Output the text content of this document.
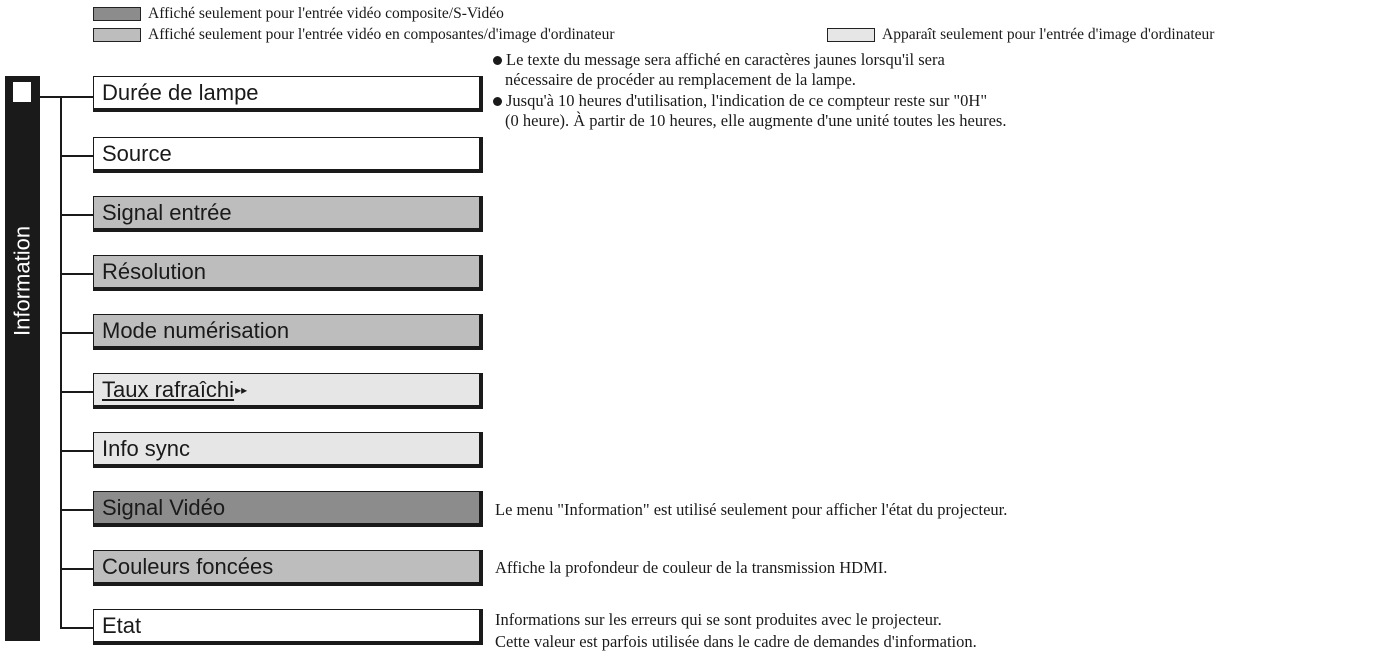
Affiché seulement pour l'entrée vidéo composite/S-Vidéo
Affiché seulement pour l'entrée vidéo en composantes/d'image d'ordinateur	Apparaît seulement pour l'entrée d'image d'ordinateur
Information
Durée de lampe
Source
Signal entrée
Résolution
Mode numérisation
Taux rafraîchi ▸▸
Info sync
Signal Vidéo
Couleurs foncées
Etat
Le texte du message sera affiché en caractères jaunes lorsqu'il sera
nécessaire de procéder au remplacement de la lampe.
Jusqu'à 10 heures d'utilisation, l'indication de ce compteur reste sur "0H"
(0 heure). À partir de 10 heures, elle augmente d'une unité toutes les heures.
Le menu "Information" est utilisé seulement pour afficher l'état du projecteur.
Affiche la profondeur de couleur de la transmission HDMI.
Informations sur les erreurs qui se sont produites avec le projecteur.
Cette valeur est parfois utilisée dans le cadre de demandes d'information.
